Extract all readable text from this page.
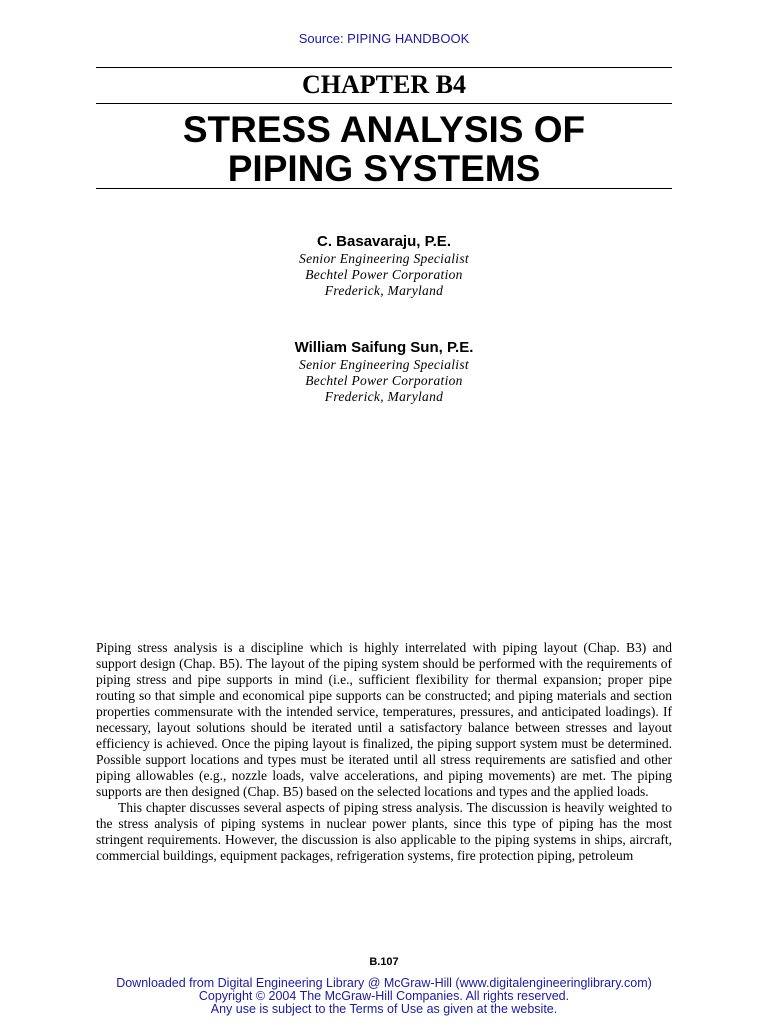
Source: PIPING HANDBOOK
CHAPTER B4
STRESS ANALYSIS OF
PIPING SYSTEMS
C. Basavaraju, P.E.
Senior Engineering Specialist
Bechtel Power Corporation
Frederick, Maryland
William Saifung Sun, P.E.
Senior Engineering Specialist
Bechtel Power Corporation
Frederick, Maryland

Piping stress analysis is a discipline which is highly interrelated with piping layout (Chap. B3) and support design (Chap. B5). The layout of the piping system should be performed with the requirements of piping stress and pipe supports in mind (i.e., sufficient flexibility for thermal expansion; proper pipe routing so that simple and economical pipe supports can be constructed; and piping materials and section properties commensurate with the intended service, temperatures, pressures, and anticipated loadings). If necessary, layout solutions should be iterated until a satisfactory balance between stresses and layout efficiency is achieved. Once the piping layout is finalized, the piping support system must be determined. Possible support locations and types must be iterated until all stress requirements are satisfied and other piping allowables (e.g., nozzle loads, valve accelerations, and piping movements) are met. The piping supports are then designed (Chap. B5) based on the selected locations and types and the applied loads.

This chapter discusses several aspects of piping stress analysis. The discussion is heavily weighted to the stress analysis of piping systems in nuclear power plants, since this type of piping has the most stringent requirements. However, the discussion is also applicable to the piping systems in ships, aircraft, commercial buildings, equipment packages, refrigeration systems, fire protection piping, petroleum

B.107
Downloaded from Digital Engineering Library @ McGraw-Hill (www.digitalengineeringlibrary.com)
Copyright © 2004 The McGraw-Hill Companies. All rights reserved.
Any use is subject to the Terms of Use as given at the website.
